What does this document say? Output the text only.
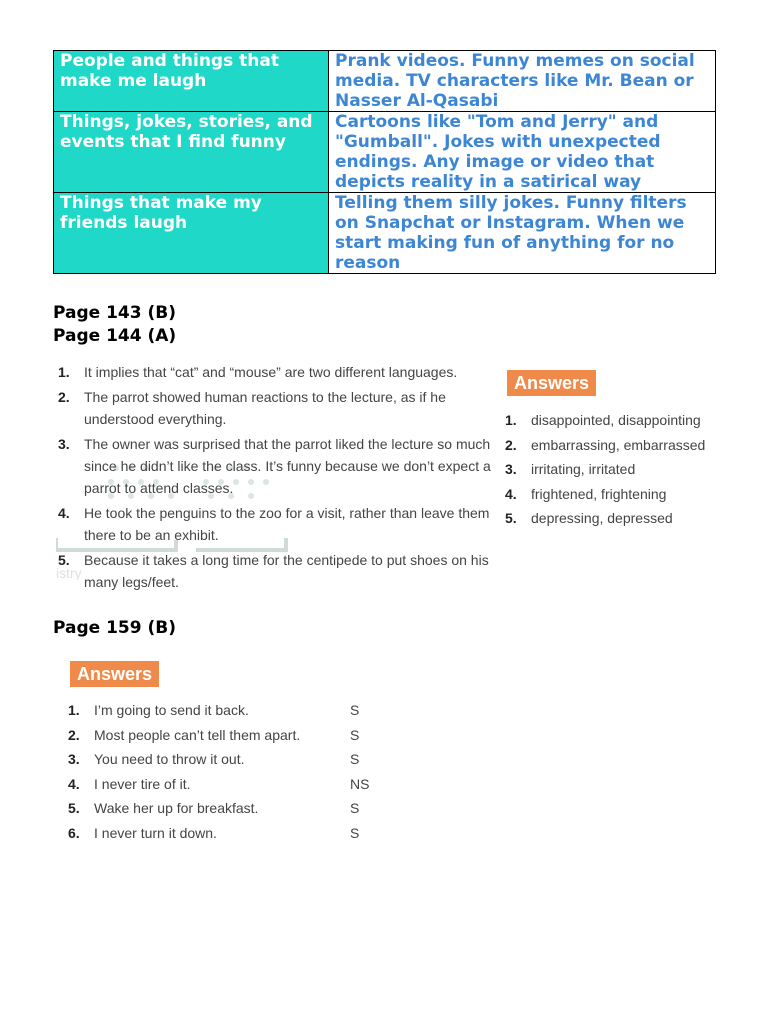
People and things that make me laugh	Prank videos. Funny memes on social media. TV characters like Mr. Bean or Nasser Al-Qasabi
Things, jokes, stories, and events that I find funny	Cartoons like "Tom and Jerry" and "Gumball". Jokes with unexpected endings. Any image or video that depicts reality in a satirical way
Things that make my friends laugh	Telling them silly jokes. Funny filters on Snapchat or Instagram. When we start making fun of anything for no reason
Page 143 (B)
Page 144 (A)
istry
1. It implies that “cat” and “mouse” are two different languages.
2. The parrot showed human reactions to the lecture, as if he understood everything.
3. The owner was surprised that the parrot liked the lecture so much since he didn’t like the class. It’s funny because we don’t expect a parrot to attend classes.
4. He took the penguins to the zoo for a visit, rather than leave them there to be an exhibit.
5. Because it takes a long time for the centipede to put shoes on his many legs/feet.
Answers
1. disappointed, disappointing
2. embarrassing, embarrassed
3. irritating, irritated
4. frightened, frightening
5. depressing, depressed
Page 159 (B)
Answers
1. I’m going to send it back.	S
2. Most people can’t tell them apart.	S
3. You need to throw it out.	S
4. I never tire of it.	NS
5. Wake her up for breakfast.	S
6. I never turn it down.	S
